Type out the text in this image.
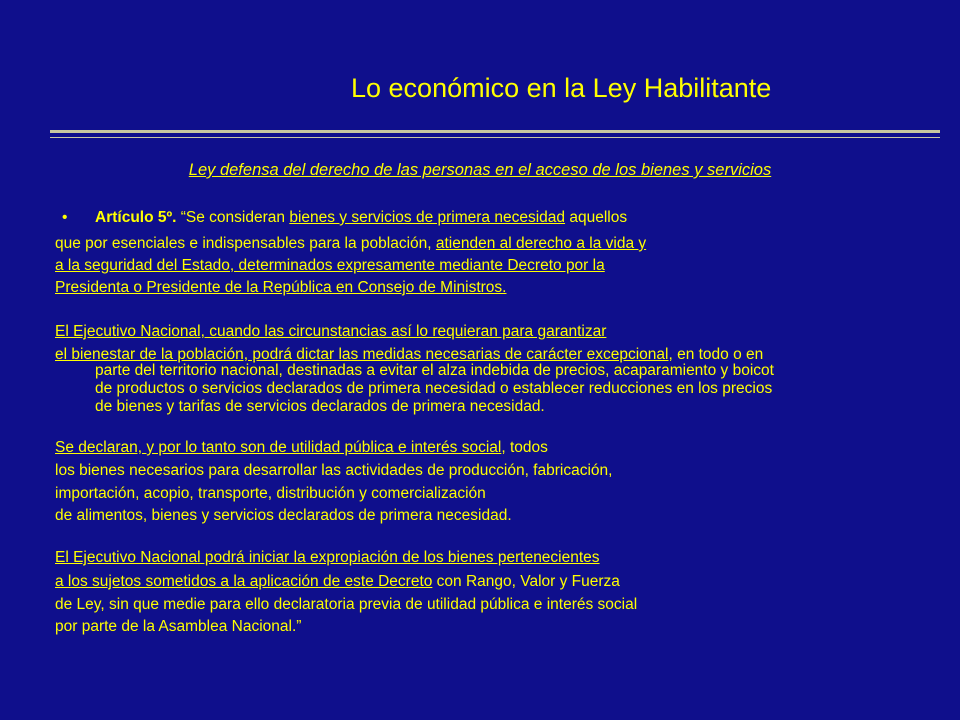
Lo económico en la Ley Habilitante
Ley defensa del derecho de las personas en el acceso de los bienes y servicios
• Artículo 5º. “Se consideran bienes y servicios de primera necesidad aquellos
que por esenciales e indispensables para la población, atienden al derecho a la vida y
a la seguridad del Estado, determinados expresamente mediante Decreto por la
Presidenta o Presidente de la República en Consejo de Ministros.
El Ejecutivo Nacional, cuando las circunstancias así lo requieran para garantizar
el bienestar de la población, podrá dictar las medidas necesarias de carácter excepcional, en todo o en
parte del territorio nacional, destinadas a evitar el alza indebida de precios, acaparamiento y boicot
de productos o servicios declarados de primera necesidad o establecer reducciones en los precios
de bienes y tarifas de servicios declarados de primera necesidad.
Se declaran, y por lo tanto son de utilidad pública e interés social, todos
los bienes necesarios para desarrollar las actividades de producción, fabricación,
importación, acopio, transporte, distribución y comercialización
de alimentos, bienes y servicios declarados de primera necesidad.
El Ejecutivo Nacional podrá iniciar la expropiación de los bienes pertenecientes
a los sujetos sometidos a la aplicación de este Decreto con Rango, Valor y Fuerza
de Ley, sin que medie para ello declaratoria previa de utilidad pública e interés social
por parte de la Asamblea Nacional.”
